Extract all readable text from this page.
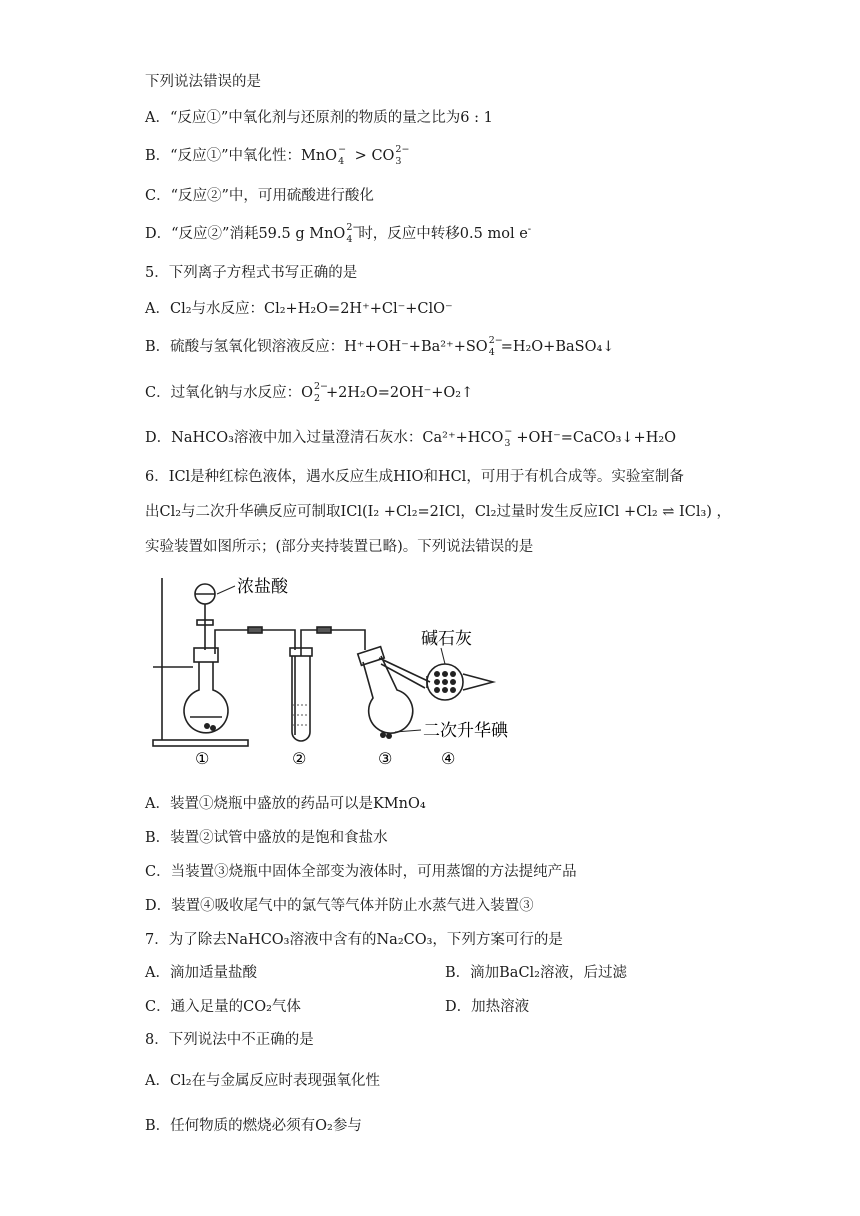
下列说法错误的是
A．“反应①”中氧化剂与还原剂的物质的量之比为6 : 1
B．“反应①”中氧化性：MnO −
4 > CO 2−
3
C．“反应②”中，可用硫酸进行酸化
D．“反应②”消耗59.5 g MnO 2−
4 时，反应中转移0.5 mol e-
5．下列离子方程式书写正确的是
A．Cl₂与水反应：Cl₂+H₂O=2H⁺+Cl⁻+ClO⁻
B．硫酸与氢氧化钡溶液反应：H⁺+OH⁻+Ba²⁺+SO 2−
4 =H₂O+BaSO₄↓
C．过氧化钠与水反应：O 2−
2 +2H₂O=2OH⁻+O₂↑
D．NaHCO₃溶液中加入过量澄清石灰水：Ca²⁺+HCO −
3 +OH⁻=CaCO₃↓+H₂O
6．ICl是种红棕色液体，遇水反应生成HIO和HCl，可用于有机合成等。实验室制备
出Cl₂与二次升华碘反应可制取ICl(I₂ +Cl₂=2ICl，Cl₂过量时发生反应ICl +Cl₂ ⇌ ICl₃) ，
实验装置如图所示；(部分夹持装置已略)。下列说法错误的是
浓盐酸
碱石灰
二次升华碘
①	②	③	④
A．装置①烧瓶中盛放的药品可以是KMnO₄
B．装置②试管中盛放的是饱和食盐水
C．当装置③烧瓶中固体全部变为液体时，可用蒸馏的方法提纯产品
D．装置④吸收尾气中的氯气等气体并防止水蒸气进入装置③
7．为了除去NaHCO₃溶液中含有的Na₂CO₃，下列方案可行的是
A．滴加适量盐酸	B．滴加BaCl₂溶液，后过滤
C．通入足量的CO₂气体	D．加热溶液
8．下列说法中不正确的是
A．Cl₂在与金属反应时表现强氧化性
B．任何物质的燃烧必须有O₂参与
